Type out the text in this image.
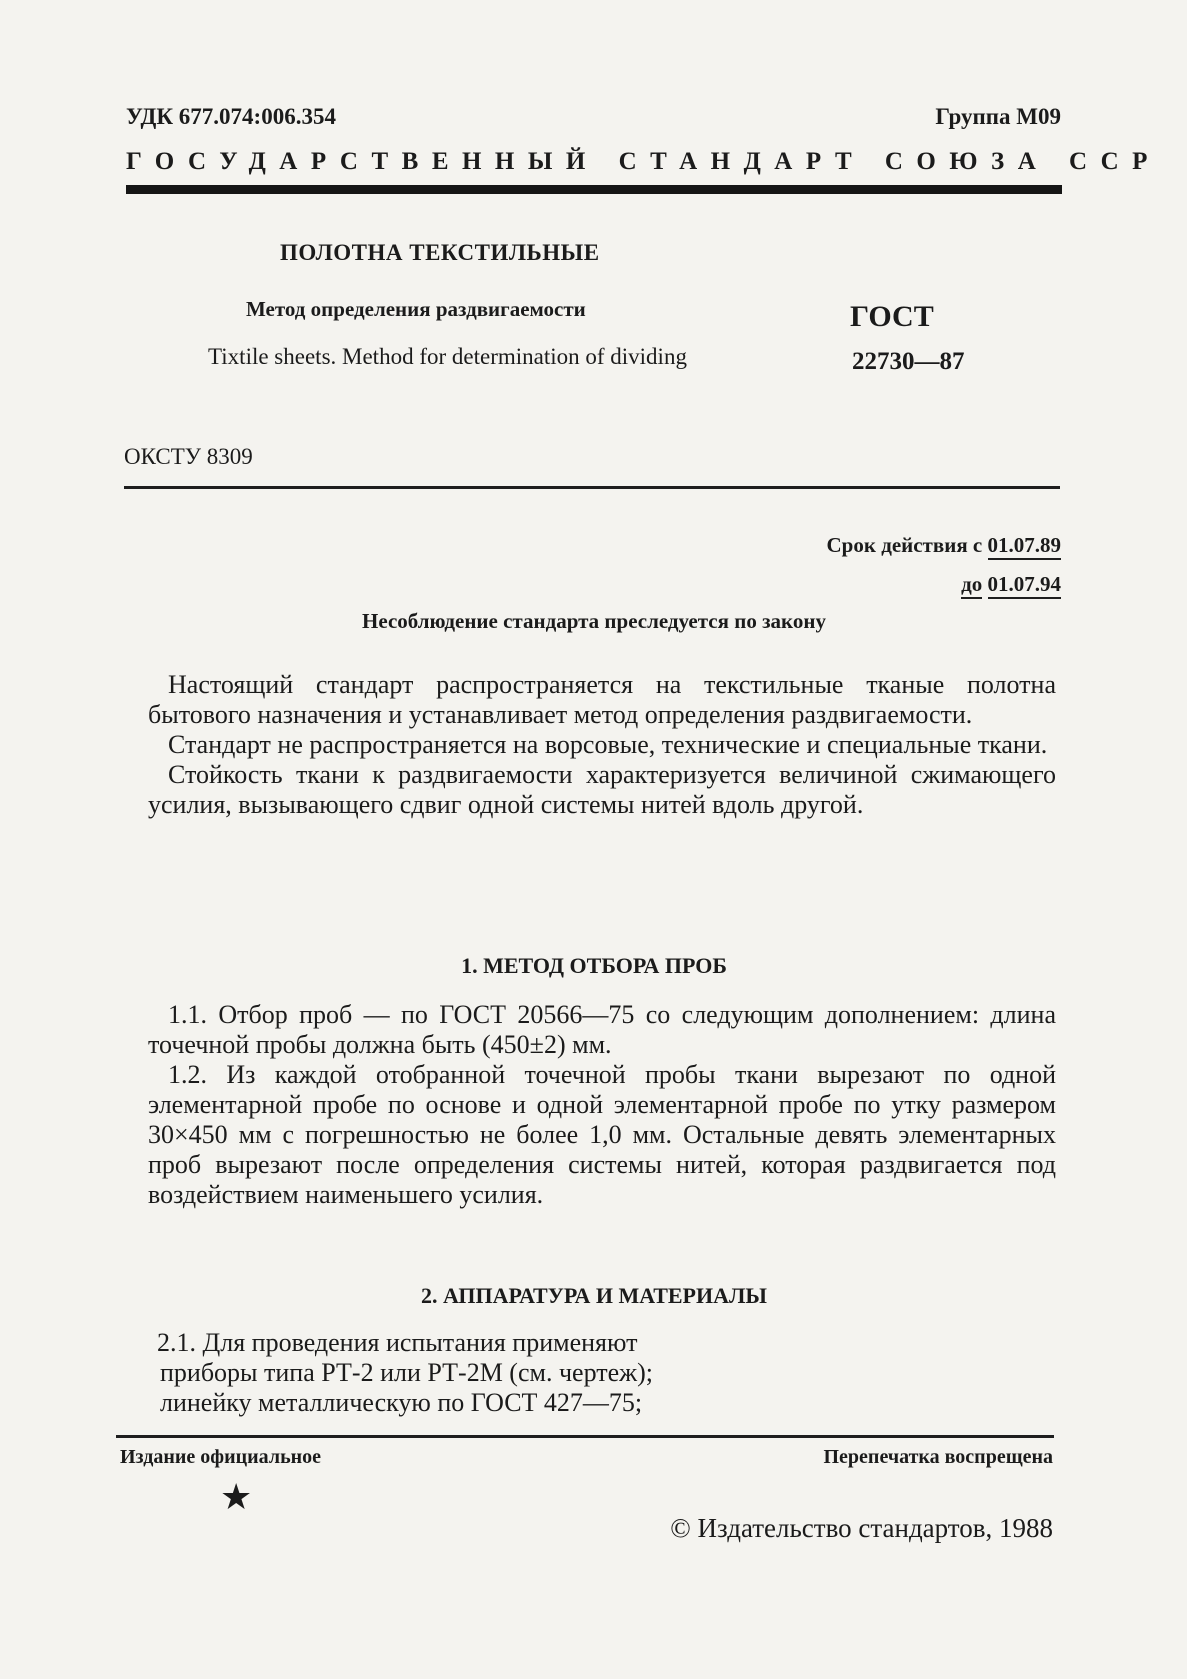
УДК 677.074:006.354	Группа М09
ГОСУДАРСТВЕННЫЙ СТАНДАРТ СОЮЗА ССР
ПОЛОТНА ТЕКСТИЛЬНЫЕ
Метод определения раздвигаемости
Tixtile sheets. Method for determination of dividing
ГОСТ
22730—87
ОКСТУ 8309
Срок действия с 01.07.89
до 01.07.94
Несоблюдение стандарта преследуется по закону

Настоящий стандарт распространяется на текстильные тканые полотна бытового назначения и устанавливает метод определения раздвигаемости.

Стандарт не распространяется на ворсовые, технические и специальные ткани.

Стойкость ткани к раздвигаемости характеризуется величиной сжимающего усилия, вызывающего сдвиг одной системы нитей вдоль другой.

1. МЕТОД ОТБОРА ПРОБ

1.1. Отбор проб — по ГОСТ 20566—75 со следующим дополнением: длина точечной пробы должна быть (450±2) мм.

1.2. Из каждой отобранной точечной пробы ткани вырезают по одной элементарной пробе по основе и одной элементарной пробе по утку размером 30×450 мм с погрешностью не более 1,0 мм. Остальные девять элементарных проб вырезают после определения системы нитей, которая раздвигается под воздействием наименьшего усилия.

2. АППАРАТУРА И МАТЕРИАЛЫ
2.1. Для проведения испытания применяют
приборы типа РТ-2 или РТ-2М (см. чертеж);
линейку металлическую по ГОСТ 427—75;
Издание официальное	Перепечатка воспрещена
★
© Издательство стандартов, 1988
